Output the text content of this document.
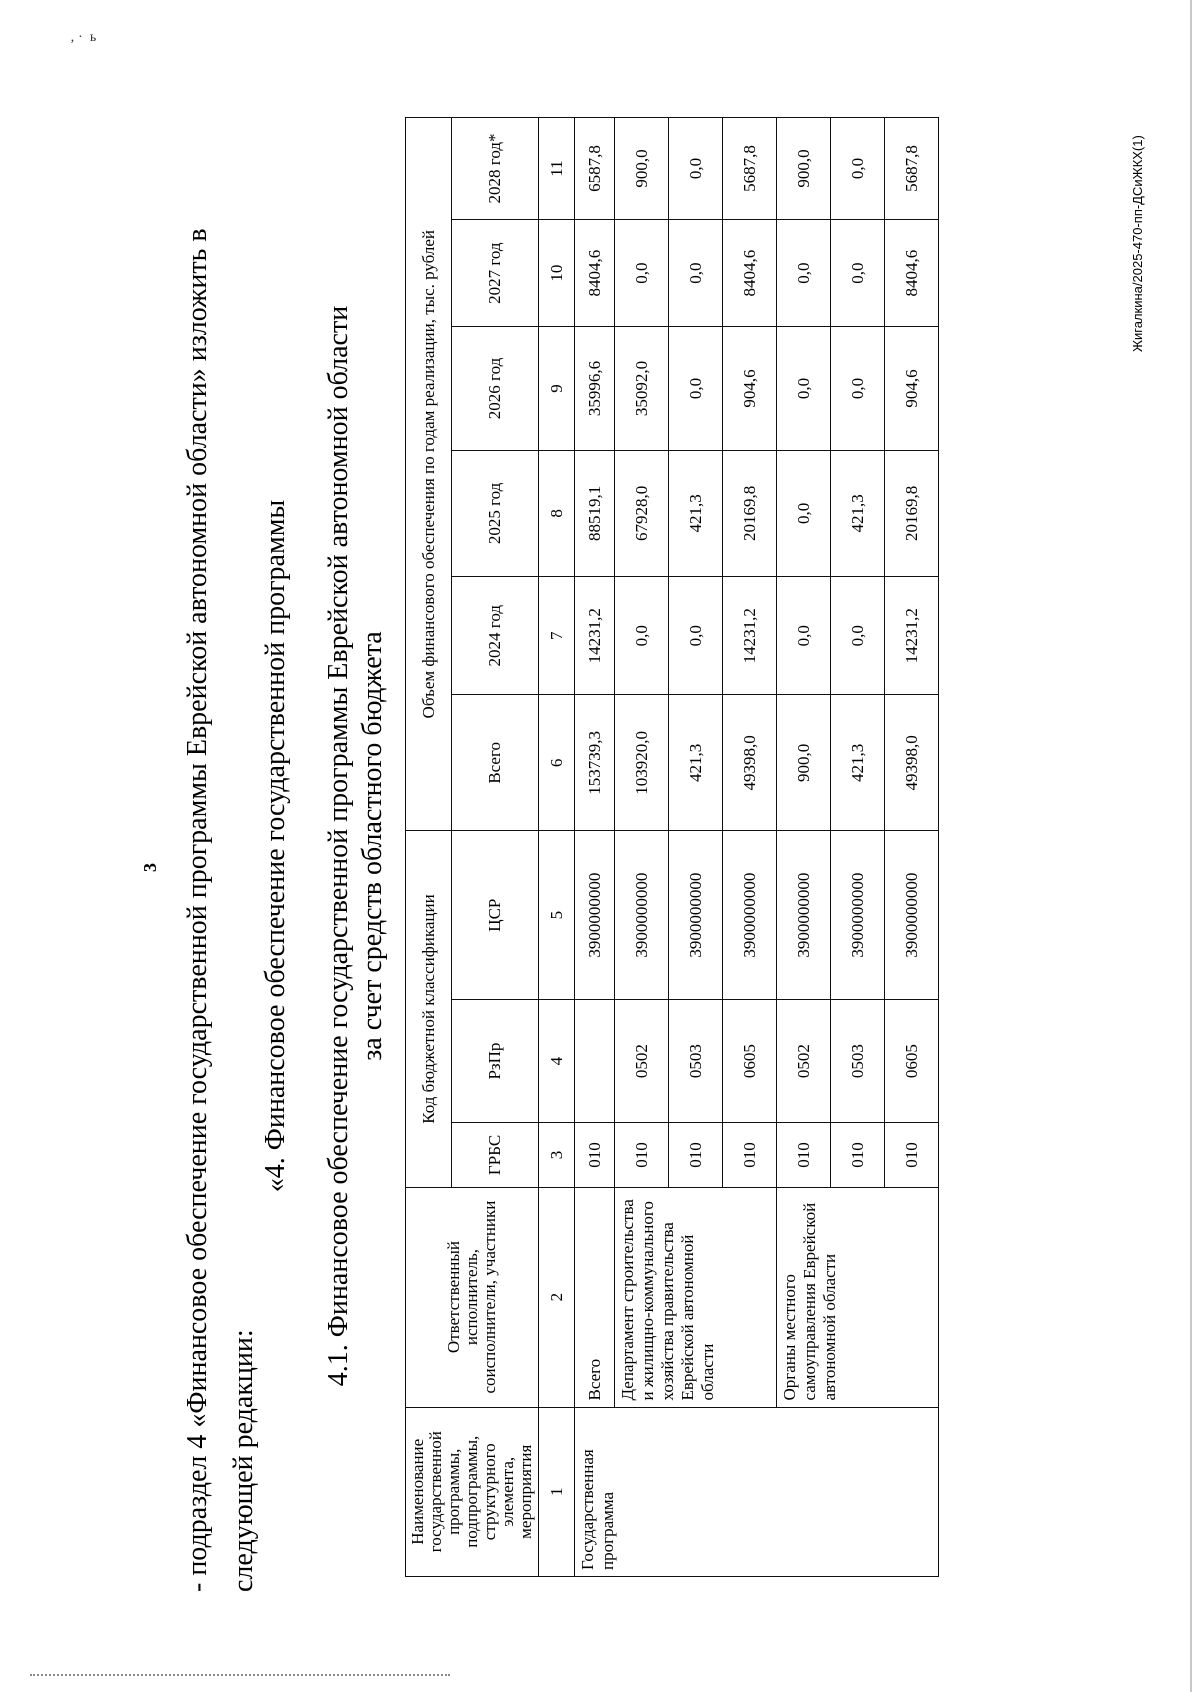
‚ ·  ь
3 - подраздел 4 «Финансовое обеспечение государственной программы Еврейской автономной области» изложить в следующей редакции:
«4. Финансовое обеспечение государственной программы 4.1. Финансовое обеспечение государственной программы Еврейской автономной области за счет средств областного бюджета
Наименование государственной программы, подпрограммы, структурного элемента, мероприятия	Ответственный исполнитель, соисполнители, участники	Код бюджетной классификации			Объем финансового обеспечения по годам реализации, тыс. рублей					
		ГРБС	РзПр	ЦСР	Всего	2024 год	2025 год	2026 год	2027 год	2028 год*
1	2	3	4	5	6	7	8	9	10	11
Государственная программа	Всего	010		3900000000	153739,3	14231,2	88519,1	35996,6	8404,6	6587,8
	Департамент строительства и жилищно-коммунального хозяйства правительства Еврейской автономной области	010	0502	3900000000	103920,0	0,0	67928,0	35092,0	0,0	900,0
		010	0503	3900000000	421,3	0,0	421,3	0,0	0,0	0,0
		010	0605	3900000000	49398,0	14231,2	20169,8	904,6	8404,6	5687,8
	Органы местного самоуправления Еврейской автономной области	010	0502	3900000000	900,0	0,0	0,0	0,0	0,0	900,0
		010	0503	3900000000	421,3	0,0	421,3	0,0	0,0	0,0
		010	0605	3900000000	49398,0	14231,2	20169,8	904,6	8404,6	5687,8	Жигалкина/2025-470-пп-ДСиЖКХ(1)
